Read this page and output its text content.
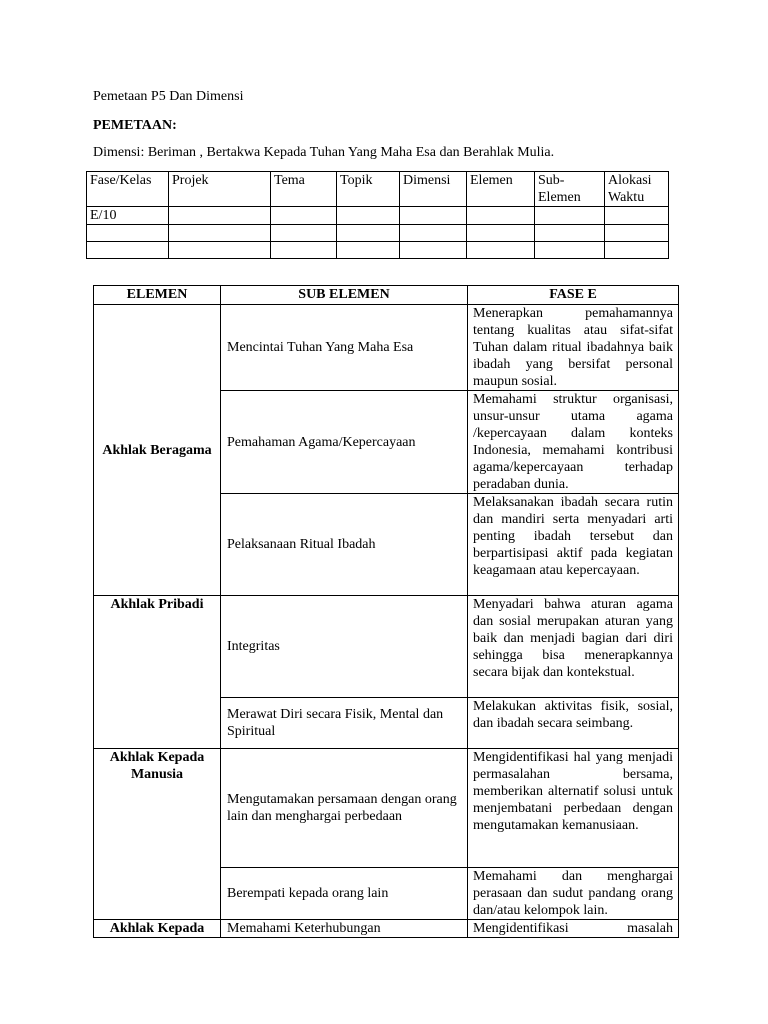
Pemetaan P5 Dan Dimensi

PEMETAAN:

Dimensi: Beriman , Bertakwa Kepada Tuhan Yang Maha Esa dan Berahlak Mulia.

Fase/Kelas	Projek	Tema	Topik	Dimensi	Elemen	Sub-Elemen	Alokasi Waktu
E/10							

ELEMEN	SUB ELEMEN	FASE E
Akhlak Beragama	Mencintai Tuhan Yang Maha Esa	Menerapkan pemahamannya tentang kualitas atau sifat-sifat Tuhan dalam ritual ibadahnya baik ibadah yang bersifat personal maupun sosial.
	Pemahaman Agama/Kepercayaan	Memahami struktur organisasi, unsur-unsur utama agama /kepercayaan dalam konteks Indonesia, memahami kontribusi agama/kepercayaan terhadap peradaban dunia.
	Pelaksanaan Ritual Ibadah	Melaksanakan ibadah secara rutin dan mandiri serta menyadari arti penting ibadah tersebut dan berpartisipasi aktif pada kegiatan keagamaan atau kepercayaan.
Akhlak Pribadi	Integritas	Menyadari bahwa aturan agama dan sosial merupakan aturan yang baik dan menjadi bagian dari diri sehingga bisa menerapkannya secara bijak dan kontekstual.
	Merawat Diri secara Fisik, Mental dan Spiritual	Melakukan aktivitas fisik, sosial, dan ibadah secara seimbang.
Akhlak Kepada Manusia	Mengutamakan persamaan dengan orang lain dan menghargai perbedaan	Mengidentifikasi hal yang menjadi permasalahan bersama, memberikan alternatif solusi untuk menjembatani perbedaan dengan mengutamakan kemanusiaan.
	Berempati kepada orang lain	Memahami dan menghargai perasaan dan sudut pandang orang dan/atau kelompok lain.
Akhlak Kepada	Memahami Keterhubungan	Mengidentifikasi masalah
